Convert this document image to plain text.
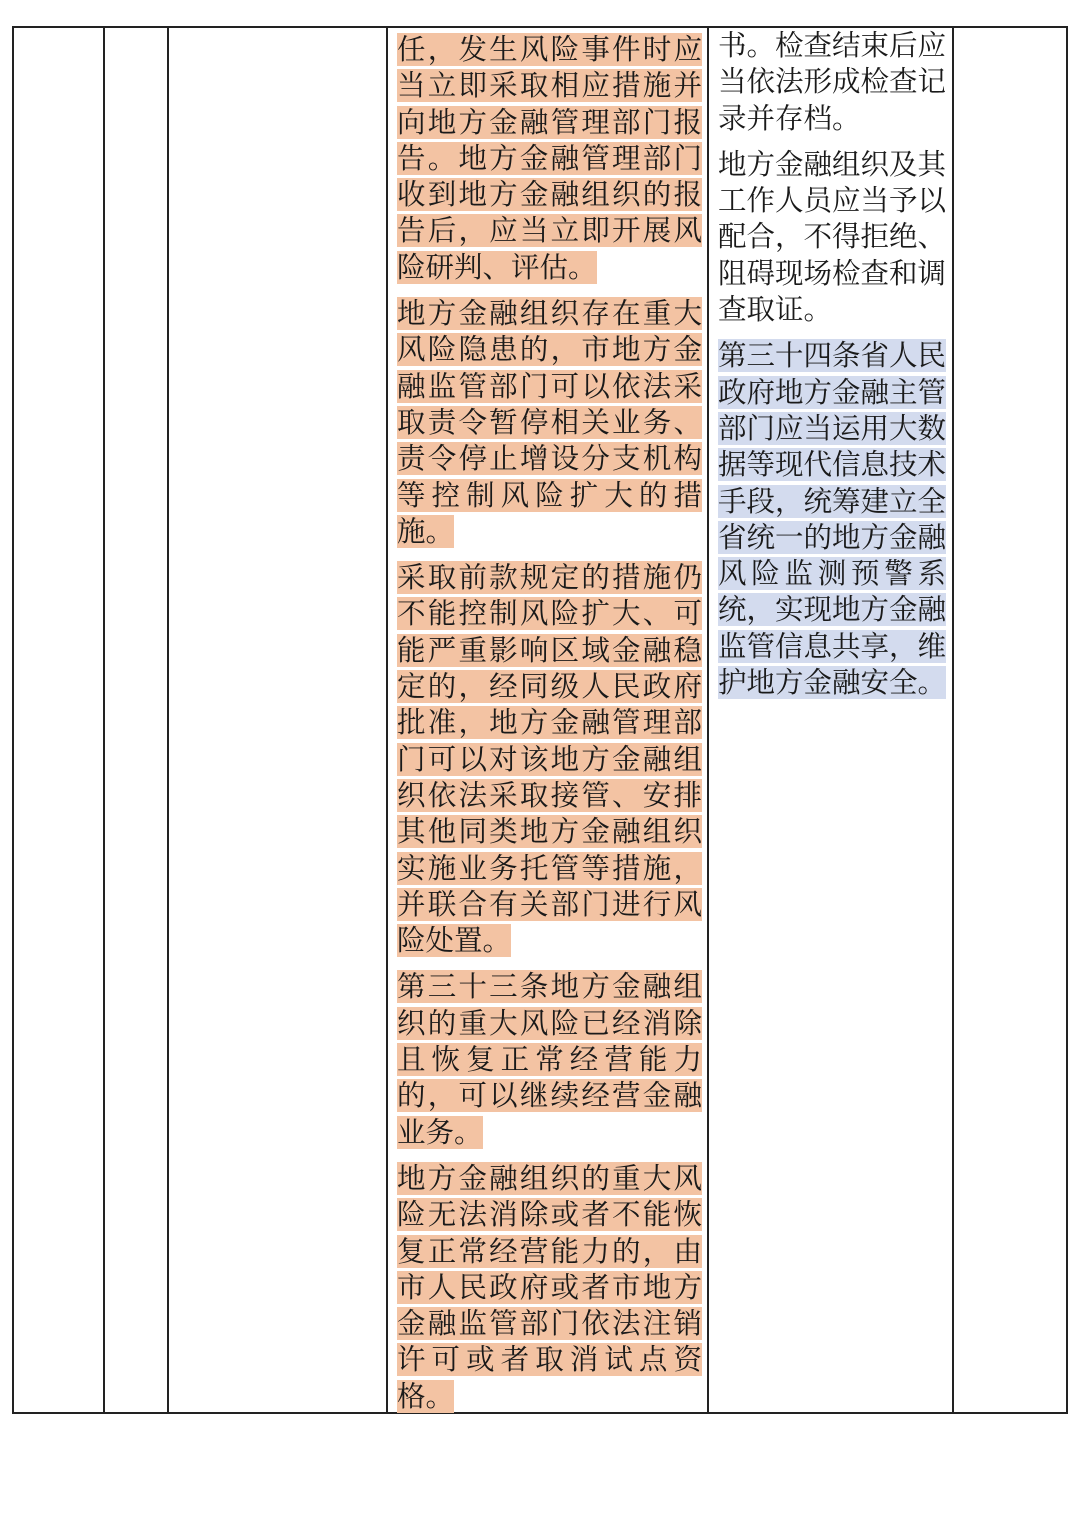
任，发生风险事件时应当立即采取相应措施并向地方金融管理部门报告。地方金融管理部门收到地方金融组织的报告后，应当立即开展风险研判、评估。

地方金融组织存在重大风险隐患的，市地方金融监管部门可以依法采取责令暂停相关业务、责令停止增设分支机构等控制风险扩大的措施。

采取前款规定的措施仍不能控制风险扩大、可能严重影响区域金融稳定的，经同级人民政府批准，地方金融管理部门可以对该地方金融组织依法采取接管、安排其他同类地方金融组织实施业务托管等措施，并联合有关部门进行风险处置。

第三十三条地方金融组织的重大风险已经消除且恢复正常经营能力的，可以继续经营金融业务。

地方金融组织的重大风险无法消除或者不能恢复正常经营能力的，由市人民政府或者市地方金融监管部门依法注销许可或者取消试点资格。

书。检查结束后应当依法形成检查记录并存档。

地方金融组织及其工作人员应当予以配合，不得拒绝、阻碍现场检查和调查取证。

第三十四条省人民政府地方金融主管部门应当运用大数据等现代信息技术手段，统筹建立全省统一的地方金融风险监测预警系统，实现地方金融监管信息共享，维护地方金融安全。
